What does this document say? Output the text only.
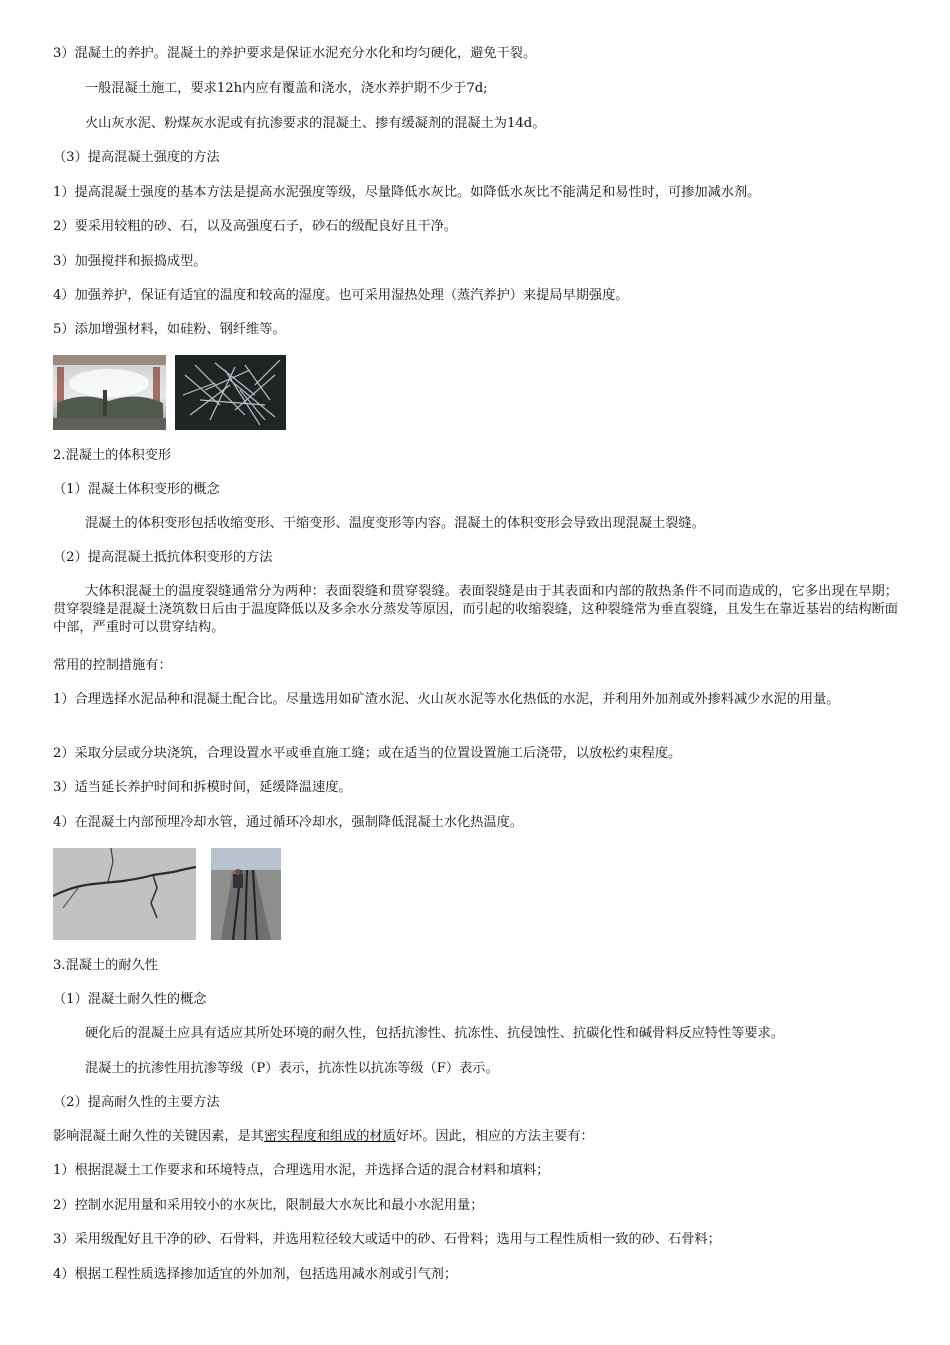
3）混凝土的养护。混凝土的养护要求是保证水泥充分水化和均匀硬化，避免干裂。
一般混凝土施工，要求12h内应有覆盖和浇水，浇水养护期不少于7d;
火山灰水泥、粉煤灰水泥或有抗渗要求的混凝土、掺有缓凝剂的混凝土为14d。
（3）提高混凝土强度的方法
1）提高混凝土强度的基本方法是提高水泥强度等级，尽量降低水灰比。如降低水灰比不能满足和易性时，可掺加减水剂。
2）要采用较粗的砂、石，以及高强度石子，砂石的级配良好且干净。
3）加强搅拌和振捣成型。
4）加强养护，保证有适宜的温度和较高的湿度。也可采用湿热处理（蒸汽养护）来提局早期强度。
5）添加增强材料，如硅粉、钢纤维等。
2.混凝土的体积变形
（1）混凝土体积变形的概念
混凝土的体积变形包括收缩变形、干缩变形、温度变形等内容。混凝土的体积变形会导致出现混凝土裂缝。
（2）提高混凝土抵抗体积变形的方法
大体积混凝土的温度裂缝通常分为两种：表面裂缝和贯穿裂缝。表面裂缝是由于其表面和内部的散热条件不同而造成的，它多出现在早期；贯穿裂缝是混凝土浇筑数日后由于温度降低以及多余水分蒸发等原因，而引起的收缩裂缝，这种裂缝常为垂直裂缝，且发生在靠近基岩的结构断面中部，严重时可以贯穿结构。
常用的控制措施有：
1）合理选择水泥品种和混凝土配合比。尽量选用如矿渣水泥、火山灰水泥等水化热低的水泥，并利用外加剂或外掺料减少水泥的用量。
2）采取分层或分块浇筑，合理设置水平或垂直施工缝；或在适当的位置设置施工后浇带，以放松约束程度。
3）适当延长养护时间和拆模时间，延缓降温速度。
4）在混凝土内部预埋冷却水管，通过循环冷却水，强制降低混凝土水化热温度。
3.混凝土的耐久性
（1）混凝土耐久性的概念
硬化后的混凝土应具有适应其所处环境的耐久性，包括抗渗性、抗冻性、抗侵蚀性、抗碳化性和碱骨料反应特性等要求。
混凝土的抗渗性用抗渗等级（P）表示，抗冻性以抗冻等级（F）表示。
（2）提高耐久性的主要方法
影响混凝土耐久性的关键因素，是其密实程度和组成的材质好坏。因此，相应的方法主要有：
1）根据混凝土工作要求和环境特点，合理选用水泥，并选择合适的混合材料和填料；
2）控制水泥用量和采用较小的水灰比，限制最大水灰比和最小水泥用量；
3）采用级配好且干净的砂、石骨料，并选用粒径较大或适中的砂、石骨料；选用与工程性质相一致的砂、石骨料；
4）根据工程性质选择掺加适宜的外加剂，包括选用减水剂或引气剂；
